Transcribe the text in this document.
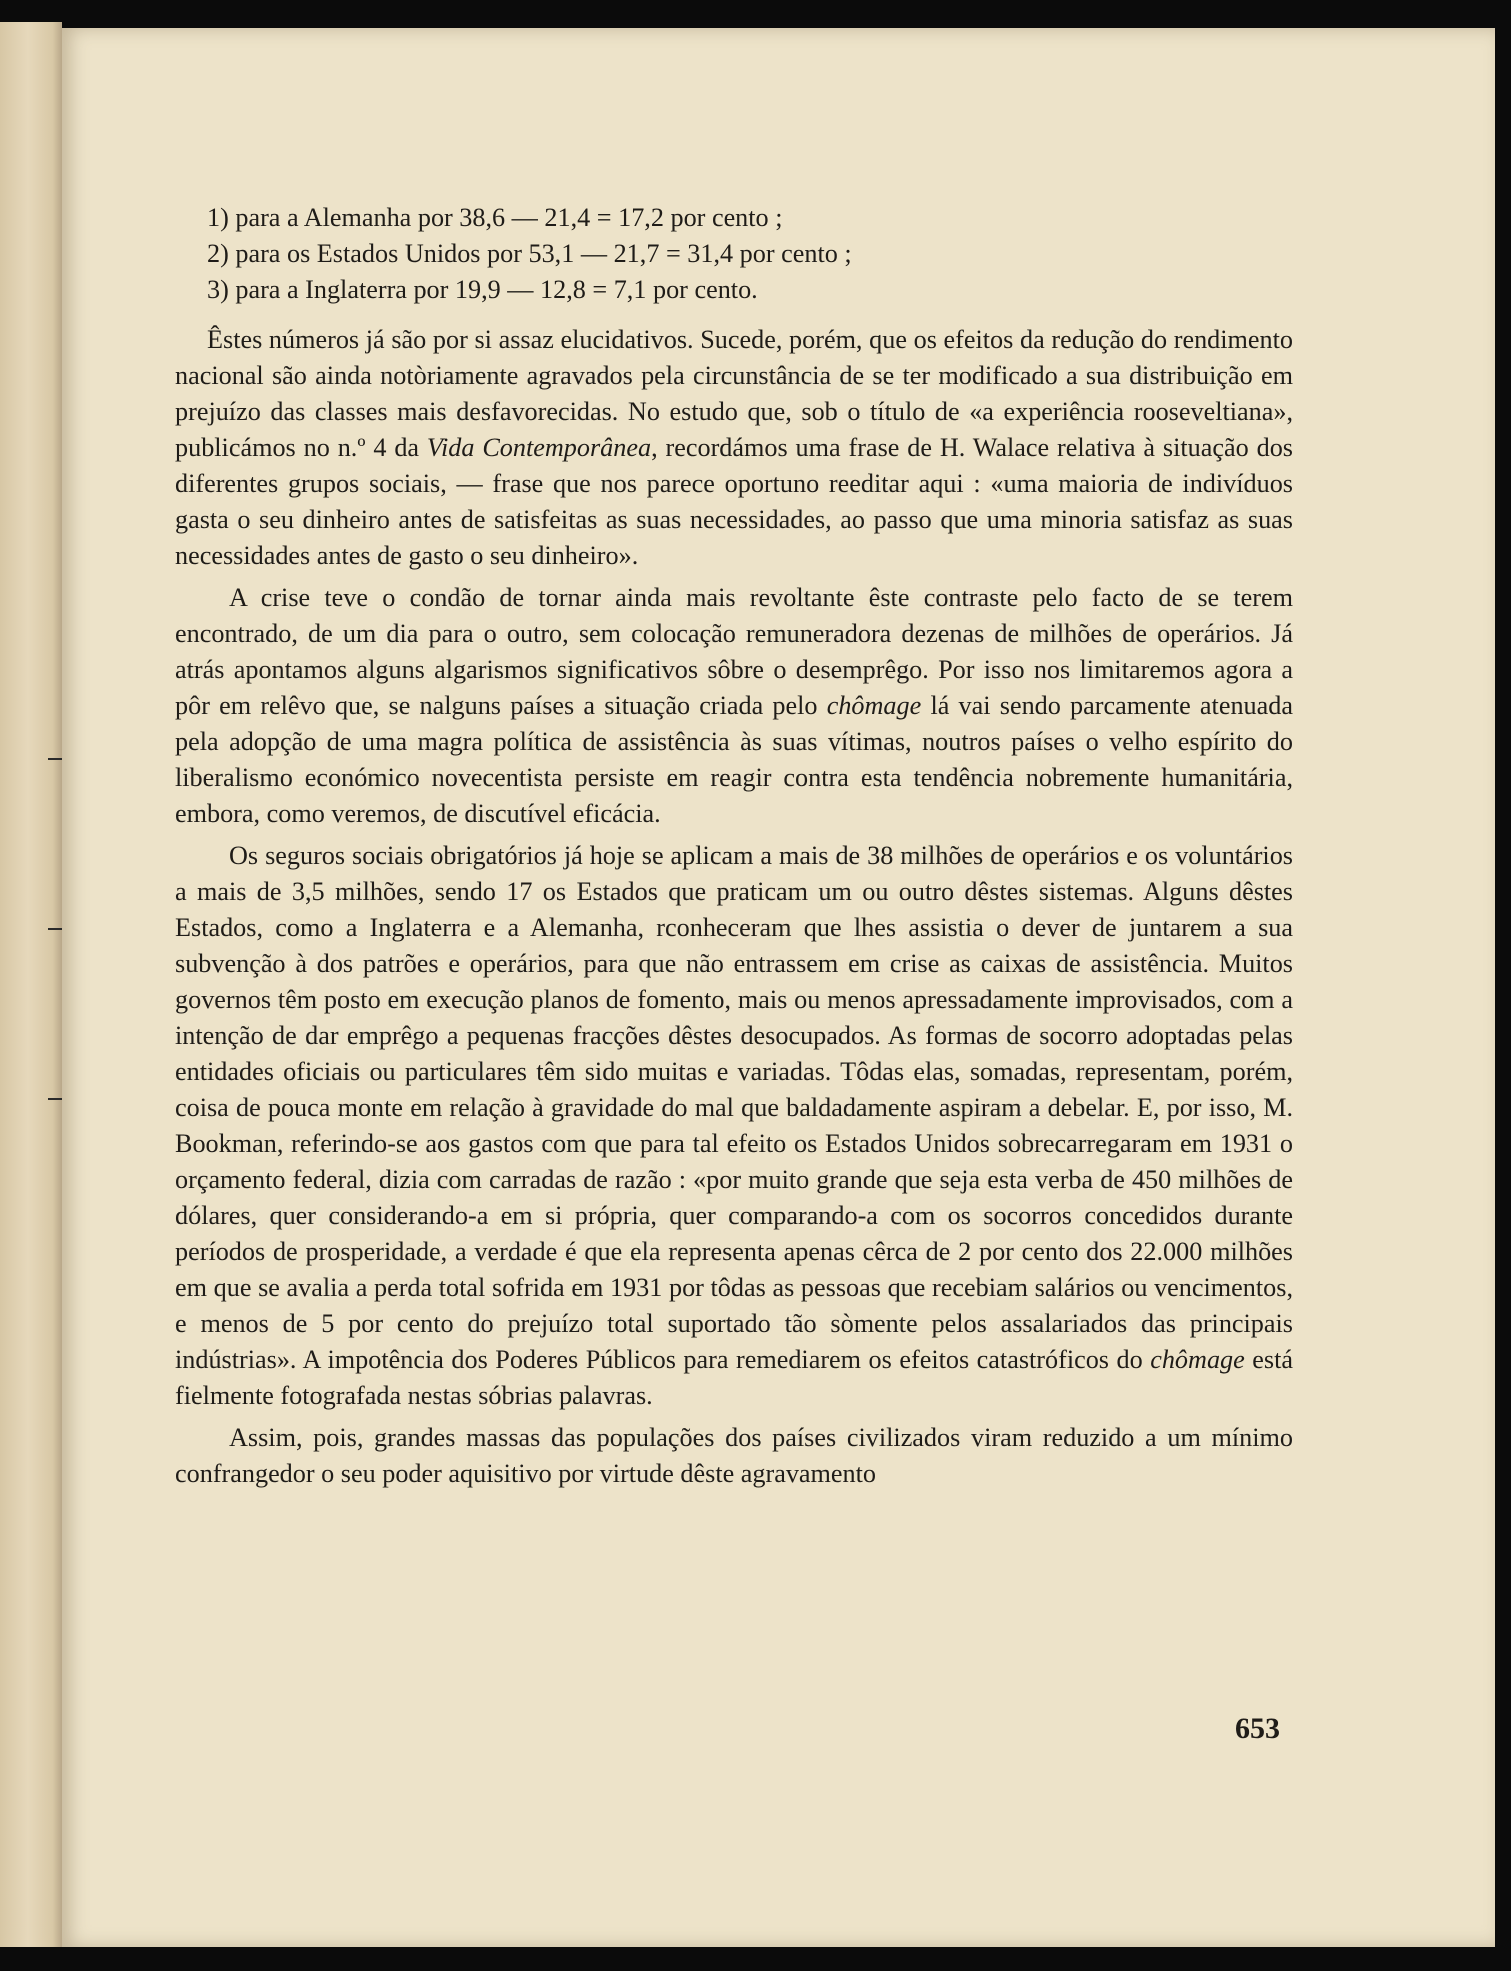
1) para a Alemanha por 38,6 — 21,4 = 17,2 por cento ;
2) para os Estados Unidos por 53,1 — 21,7 = 31,4 por cento ;
3) para a Inglaterra por 19,9 — 12,8 = 7,1 por cento.

Êstes números já são por si assaz elucidativos. Sucede, porém, que os efeitos da redução do rendimento nacional são ainda notòriamente agravados pela circunstância de se ter modificado a sua distribuição em prejuízo das classes mais desfavorecidas. No estudo que, sob o título de «a experiência rooseveltiana», publicámos no n.º 4 da Vida Contemporânea, recordámos uma frase de H. Walace relativa à situação dos diferentes grupos sociais, — frase que nos parece oportuno reeditar aqui : «uma maioria de indivíduos gasta o seu dinheiro antes de satisfeitas as suas necessidades, ao passo que uma minoria satisfaz as suas necessidades antes de gasto o seu dinheiro».

A crise teve o condão de tornar ainda mais revoltante êste contraste pelo facto de se terem encontrado, de um dia para o outro, sem colocação remuneradora dezenas de milhões de operários. Já atrás apontamos alguns algarismos significativos sôbre o desemprêgo. Por isso nos limitaremos agora a pôr em relêvo que, se nalguns países a situação criada pelo chômage lá vai sendo parcamente atenuada pela adopção de uma magra política de assistência às suas vítimas, noutros países o velho espírito do liberalismo económico novecentista persiste em reagir contra esta tendência nobremente humanitária, embora, como veremos, de discutível eficácia.

Os seguros sociais obrigatórios já hoje se aplicam a mais de 38 milhões de operários e os voluntários a mais de 3,5 milhões, sendo 17 os Estados que praticam um ou outro dêstes sistemas. Alguns dêstes Estados, como a Inglaterra e a Alemanha, rconheceram que lhes assistia o dever de juntarem a sua subvenção à dos patrões e operários, para que não entrassem em crise as caixas de assistência. Muitos governos têm posto em execução planos de fomento, mais ou menos apressadamente improvisados, com a intenção de dar emprêgo a pequenas fracções dêstes desocupados. As formas de socorro adoptadas pelas entidades oficiais ou particulares têm sido muitas e variadas. Tôdas elas, somadas, representam, porém, coisa de pouca monte em relação à gravidade do mal que baldadamente aspiram a debelar. E, por isso, M. Bookman, referindo-se aos gastos com que para tal efeito os Estados Unidos sobrecarregaram em 1931 o orçamento federal, dizia com carradas de razão : «por muito grande que seja esta verba de 450 milhões de dólares, quer considerando-a em si própria, quer comparando-a com os socorros concedidos durante períodos de prosperidade, a verdade é que ela representa apenas cêrca de 2 por cento dos 22.000 milhões em que se avalia a perda total sofrida em 1931 por tôdas as pessoas que recebiam salários ou vencimentos, e menos de 5 por cento do prejuízo total suportado tão sòmente pelos assalariados das principais indústrias». A impotência dos Poderes Públicos para remediarem os efeitos catastróficos do chômage está fielmente fotografada nestas sóbrias palavras.

Assim, pois, grandes massas das populações dos países civilizados viram reduzido a um mínimo confrangedor o seu poder aquisitivo por virtude dêste agravamento

653
